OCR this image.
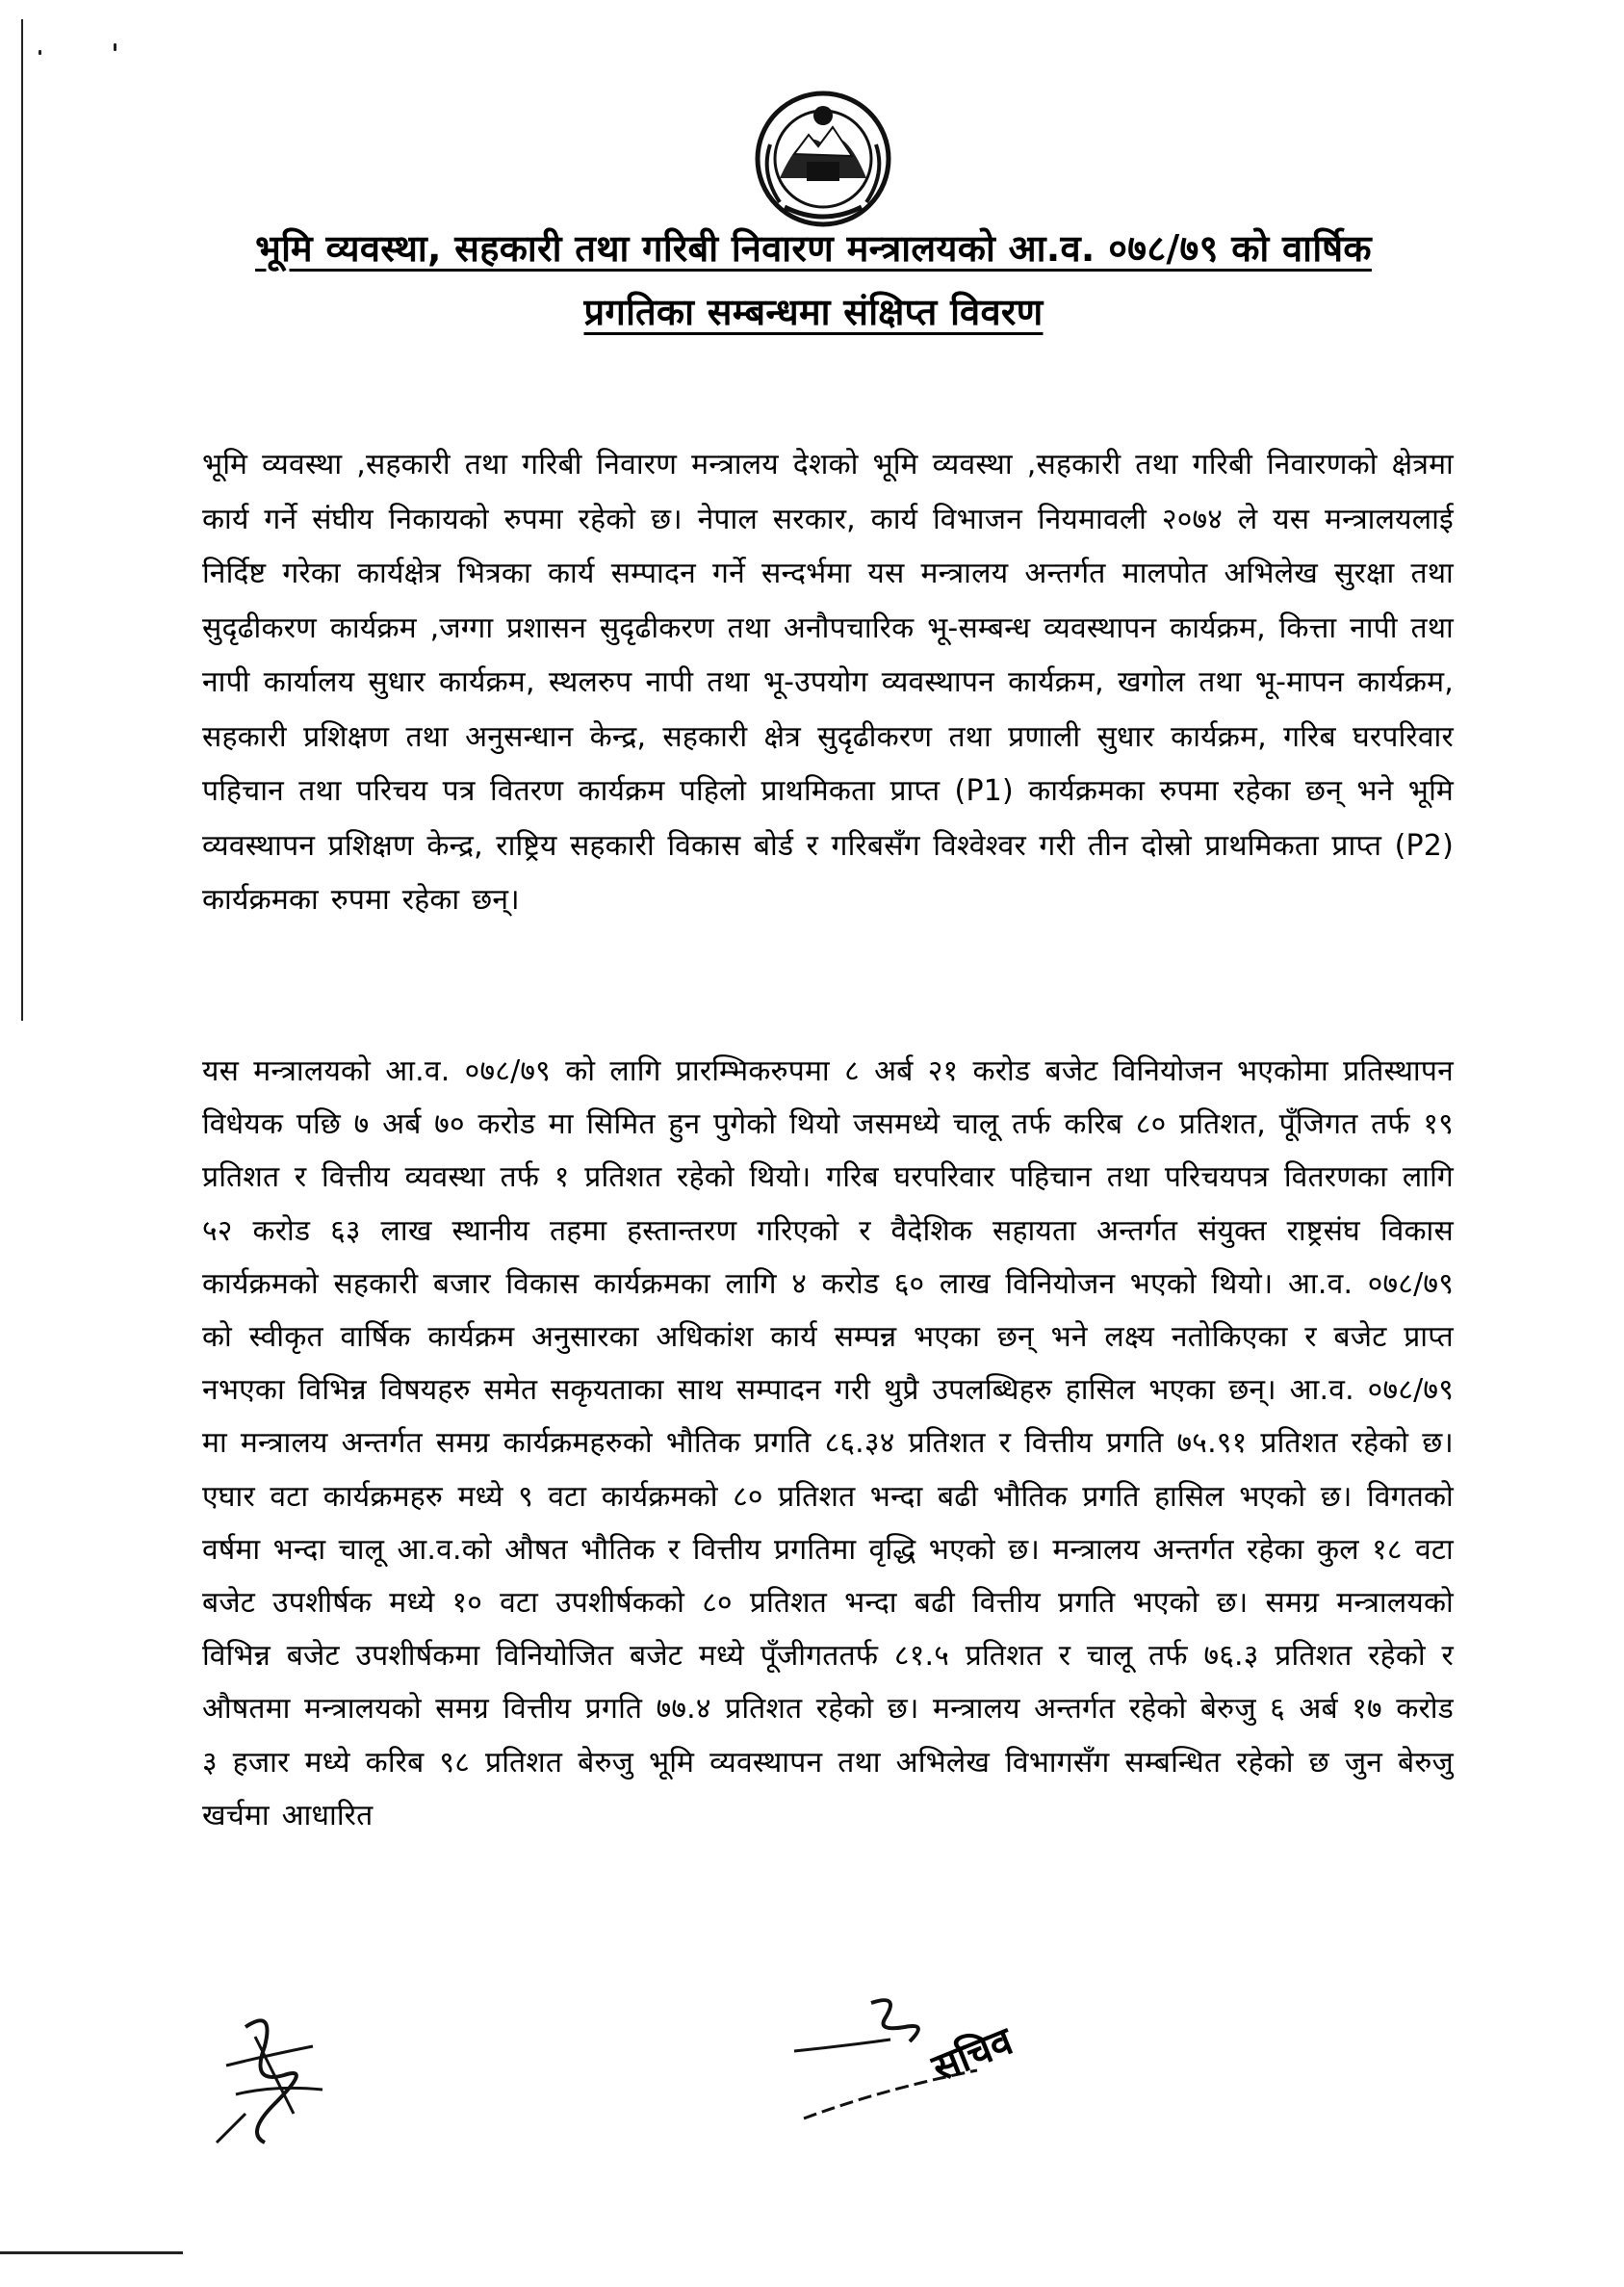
भूमि व्यवस्था, सहकारी तथा गरिबी निवारण मन्त्रालयको आ.व. ०७८/७९ को वार्षिक
प्रगतिका सम्बन्धमा संक्षिप्त विवरण

भूमि व्यवस्था ,सहकारी तथा गरिबी निवारण मन्त्रालय देशको भूमि व्यवस्था ,सहकारी तथा गरिबी निवारणको क्षेत्रमा कार्य गर्ने संघीय निकायको रुपमा रहेको छ। नेपाल सरकार, कार्य विभाजन नियमावली २०७४ ले यस मन्त्रालयलाई निर्दिष्ट गरेका कार्यक्षेत्र भित्रका कार्य सम्पादन गर्ने सन्दर्भमा यस मन्त्रालय अन्तर्गत मालपोत अभिलेख सुरक्षा तथा सुदृढीकरण कार्यक्रम ,जग्गा प्रशासन सुदृढीकरण तथा अनौपचारिक भू-सम्बन्ध व्यवस्थापन कार्यक्रम, कित्ता नापी तथा नापी कार्यालय सुधार कार्यक्रम, स्थलरुप नापी तथा भू-उपयोग व्यवस्थापन कार्यक्रम, खगोल तथा भू-मापन कार्यक्रम, सहकारी प्रशिक्षण तथा अनुसन्धान केन्द्र, सहकारी क्षेत्र सुदृढीकरण तथा प्रणाली सुधार कार्यक्रम, गरिब घरपरिवार पहिचान तथा परिचय पत्र वितरण कार्यक्रम पहिलो प्राथमिकता प्राप्त (P1) कार्यक्रमका रुपमा रहेका छन् भने भूमि व्यवस्थापन प्रशिक्षण केन्द्र, राष्ट्रिय सहकारी विकास बोर्ड र गरिबसँग विश्वेश्वर गरी तीन दोस्रो प्राथमिकता प्राप्त (P2) कार्यक्रमका रुपमा रहेका छन्।

यस मन्त्रालयको आ.व. ०७८/७९ को लागि प्रारम्भिकरुपमा ८ अर्ब २१ करोड बजेट विनियोजन भएकोमा प्रतिस्थापन विधेयक पछि ७ अर्ब ७० करोड मा सिमित हुन पुगेको थियो जसमध्ये चालू तर्फ करिब ८० प्रतिशत, पूँजिगत तर्फ १९ प्रतिशत र वित्तीय व्यवस्था तर्फ १ प्रतिशत रहेको थियो। गरिब घरपरिवार पहिचान तथा परिचयपत्र वितरणका लागि ५२ करोड ६३ लाख स्थानीय तहमा हस्तान्तरण गरिएको र वैदेशिक सहायता अन्तर्गत संयुक्त राष्ट्रसंघ विकास कार्यक्रमको सहकारी बजार विकास कार्यक्रमका लागि ४ करोड ६० लाख विनियोजन भएको थियो। आ.व. ०७८/७९ को स्वीकृत वार्षिक कार्यक्रम अनुसारका अधिकांश कार्य सम्पन्न भएका छन् भने लक्ष्य नतोकिएका र बजेट प्राप्त नभएका विभिन्न विषयहरु समेत सकृयताका साथ सम्पादन गरी थुप्रै उपलब्धिहरु हासिल भएका छन्। आ.व. ०७८/७९ मा मन्त्रालय अन्तर्गत समग्र कार्यक्रमहरुको भौतिक प्रगति ८६.३४ प्रतिशत र वित्तीय प्रगति ७५.९१ प्रतिशत रहेको छ। एघार वटा कार्यक्रमहरु मध्ये ९ वटा कार्यक्रमको ८० प्रतिशत भन्दा बढी भौतिक प्रगति हासिल भएको छ। विगतको वर्षमा भन्दा चालू आ.व.को औषत भौतिक र वित्तीय प्रगतिमा वृद्धि भएको छ। मन्त्रालय अन्तर्गत रहेका कुल १८ वटा बजेट उपशीर्षक मध्ये १० वटा उपशीर्षकको ८० प्रतिशत भन्दा बढी वित्तीय प्रगति भएको छ। समग्र मन्त्रालयको विभिन्न बजेट उपशीर्षकमा विनियोजित बजेट मध्ये पूँजीगततर्फ ८१.५ प्रतिशत र चालू तर्फ ७६.३ प्रतिशत रहेको र औषतमा मन्त्रालयको समग्र वित्तीय प्रगति ७७.४ प्रतिशत रहेको छ। मन्त्रालय अन्तर्गत रहेको बेरुजु ६ अर्ब १७ करोड ३ हजार मध्ये करिब ९८ प्रतिशत बेरुजु भूमि व्यवस्थापन तथा अभिलेख विभागसँग सम्बन्धित रहेको छ जुन बेरुजु खर्चमा आधारित

सचिव
